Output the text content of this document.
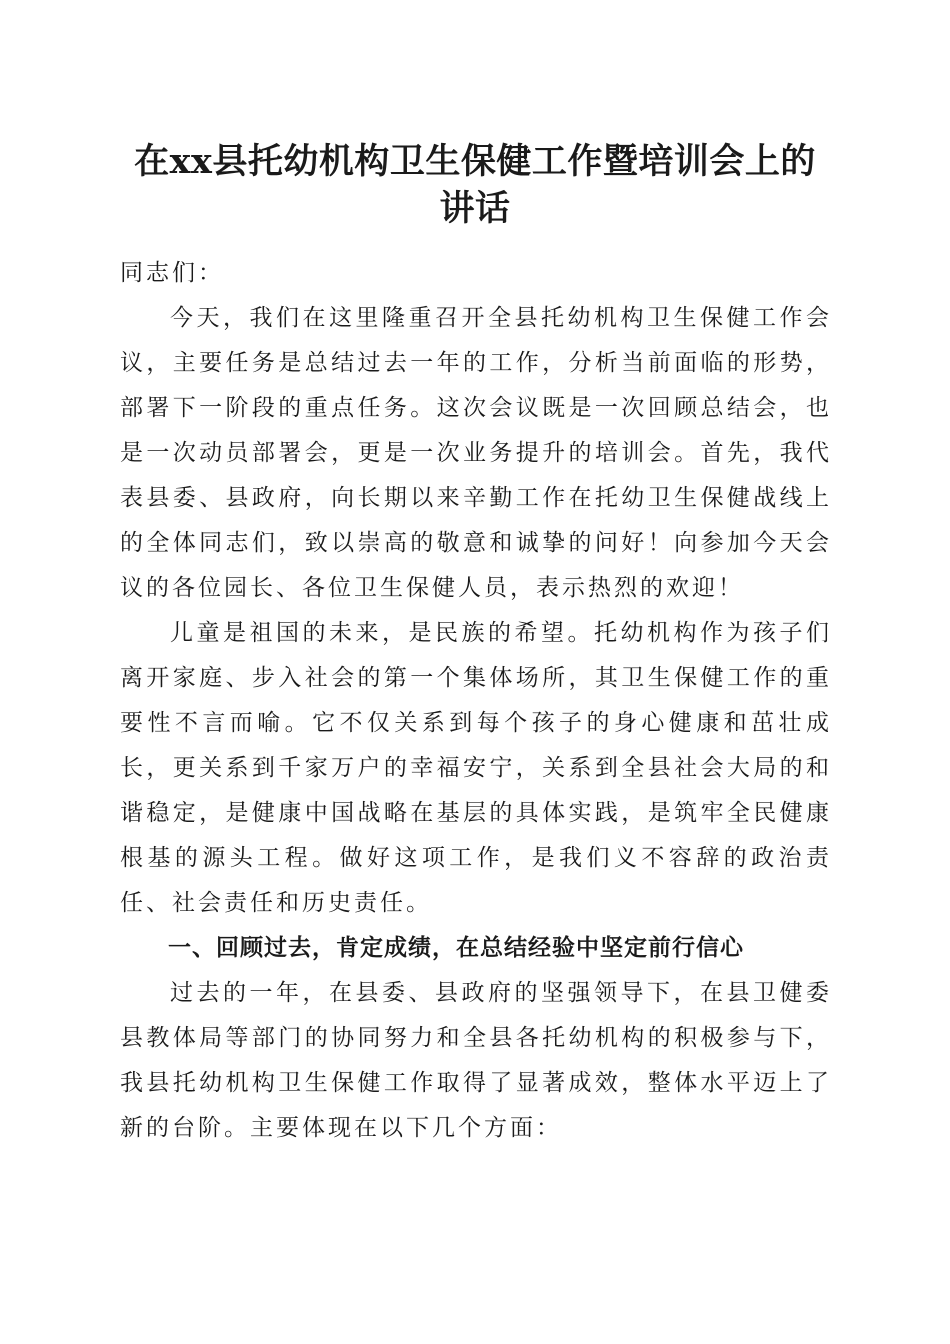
在xx县托幼机构卫生保健工作暨培训会上的
讲话

同志们：

今天，我们在这里隆重召开全县托幼机构卫生保健工作会议，主要任务是总结过去一年的工作，分析当前面临的形势，部署下一阶段的重点任务。这次会议既是一次回顾总结会，也是一次动员部署会，更是一次业务提升的培训会。首先，我代表县委、县政府，向长期以来辛勤工作在托幼卫生保健战线上的全体同志们，致以崇高的敬意和诚挚的问好！向参加今天会议的各位园长、各位卫生保健人员，表示热烈的欢迎！

儿童是祖国的未来，是民族的希望。托幼机构作为孩子们离开家庭、步入社会的第一个集体场所，其卫生保健工作的重要性不言而喻。它不仅关系到每个孩子的身心健康和茁壮成长，更关系到千家万户的幸福安宁，关系到全县社会大局的和谐稳定，是健康中国战略在基层的具体实践，是筑牢全民健康根基的源头工程。做好这项工作，是我们义不容辞的政治责任、社会责任和历史责任。

一、回顾过去，肯定成绩，在总结经验中坚定前行信心

过去的一年，在县委、县政府的坚强领导下，在县卫健委县教体局等部门的协同努力和全县各托幼机构的积极参与下，我县托幼机构卫生保健工作取得了显著成效，整体水平迈上了新的台阶。主要体现在以下几个方面：
